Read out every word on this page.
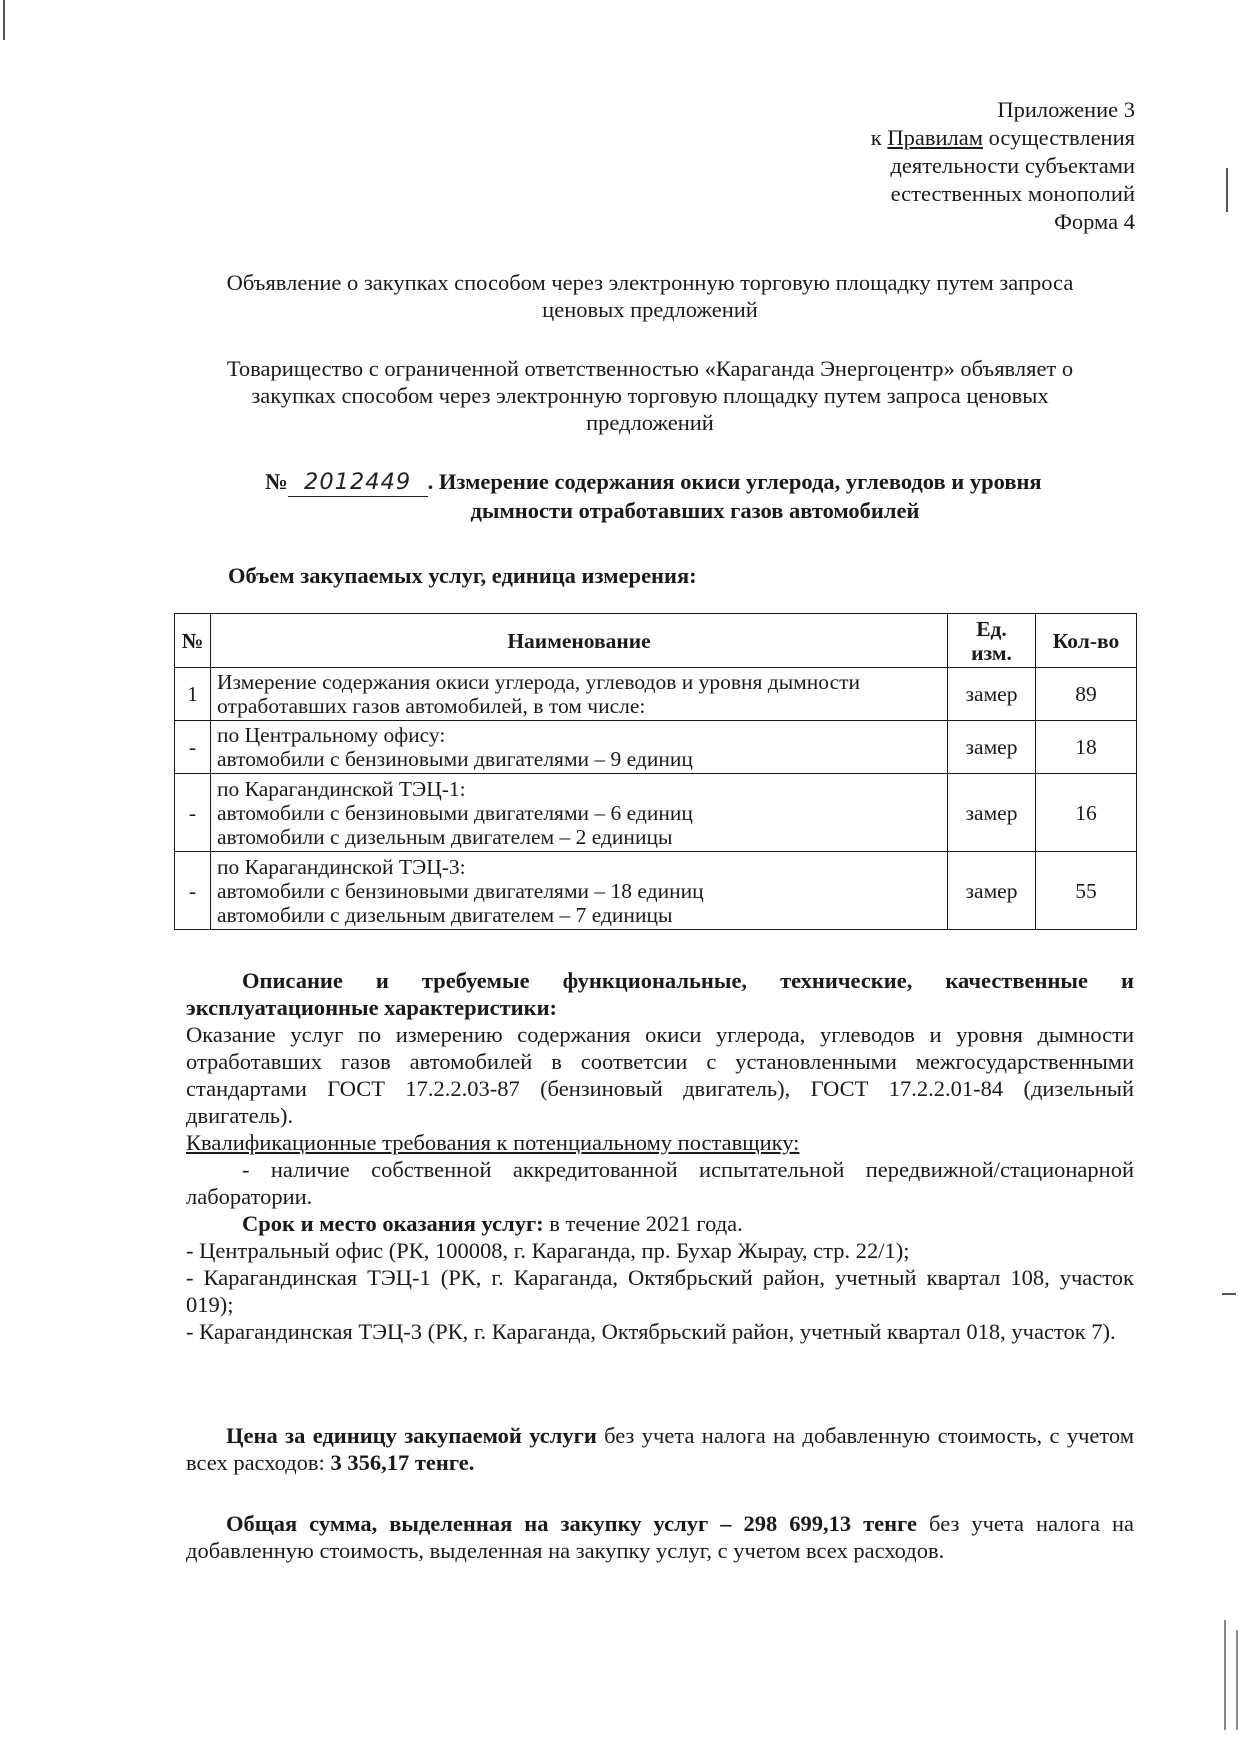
Приложение 3
к Правилам осуществления
деятельности субъектами
естественных монополий
Форма 4
Объявление о закупках способом через электронную торговую площадку путем запроса
ценовых предложений
Товарищество с ограниченной ответственностью «Караганда Энергоцентр» объявляет о
закупках способом через электронную торговую площадку путем запроса ценовых
предложений
№ 2012449 . Измерение содержания окиси углерода, углеводов и уровня
дымности отработавших газов автомобилей
Объем закупаемых услуг, единица измерения:
№	Наименование	Ед. изм.	Кол-во
1	Измерение содержания окиси углерода, углеводов и уровня дымности
отработавших газов автомобилей, в том числе:	замер	89
-	по Центральному офису:
автомобили с бензиновыми двигателями – 9 единиц	замер	18
-	по Карагандинской ТЭЦ-1:
автомобили с бензиновыми двигателями – 6 единиц
автомобили с дизельным двигателем – 2 единицы	замер	16
-	по Карагандинской ТЭЦ-3:
автомобили с бензиновыми двигателями – 18 единиц
автомобили с дизельным двигателем – 7 единицы	замер	55
Описание и требуемые функциональные, технические, качественные и
эксплуатационные характеристики:
Оказание услуг по измерению содержания окиси углерода, углеводов и уровня дымности отработавших газов автомобилей в соответсии с установленными межгосударственными стандартами ГОСТ 17.2.2.03-87 (бензиновый двигатель), ГОСТ 17.2.2.01-84 (дизельный двигатель).
Квалификационные требования к потенциальному поставщику:
- наличие собственной аккредитованной испытательной передвижной/стационарной лаборатории.
Срок и место оказания услуг: в течение 2021 года.
- Центральный офис (РК, 100008, г. Караганда, пр. Бухар Жырау, стр. 22/1);
- Карагандинская ТЭЦ-1 (РК, г. Караганда, Октябрьский район, учетный квартал 108, участок 019);
- Карагандинская ТЭЦ-3 (РК, г. Караганда, Октябрьский район, учетный квартал 018, участок 7).
Цена за единицу закупаемой услуги без учета налога на добавленную стоимость, с учетом всех расходов: 3 356,17 тенге.
Общая сумма, выделенная на закупку услуг – 298 699,13 тенге без учета налога на добавленную стоимость, выделенная на закупку услуг, с учетом всех расходов.
